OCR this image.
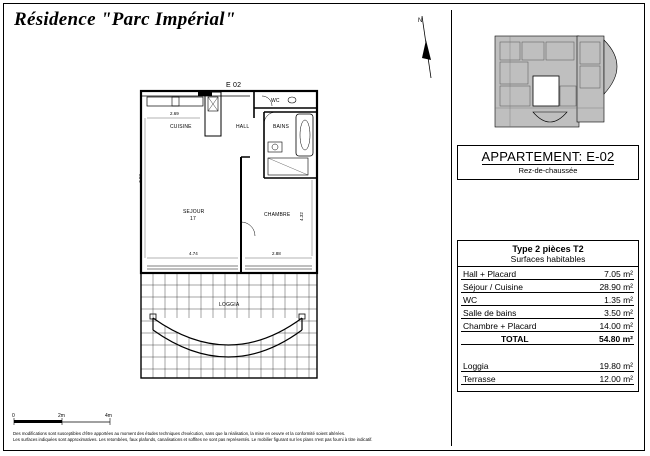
Résidence "Parc Impérial"	N
E 02
WC
CUISINE	HALL	BAINS
SEJOUR
17
CHAMBRE
LOGGIA
2.69
7.03
4.32
4.74	2.88
APPARTEMENT: E-02
Rez-de-chaussée
Type 2 pièces T2
Surfaces habitables
Hall + Placard	7.05 m²
Séjour / Cuisine	28.90 m²
WC	1.35 m²
Salle de bains	3.50 m²
Chambre + Placard	14.00 m²
TOTAL	54.80 m²
Loggia	19.80 m²
Terrasse	12.00 m²
0	2m	4m
Des modifications sont susceptibles d'être apportées au moment des études techniques d'exécution, sans que la réalisation, la mise en oeuvre et la conformité soient altérées.
Les surfaces indiquées sont approximatives. Les retombées, faux plafonds, canalisations et soffites ne sont pas représentés. Le mobilier figurant sur les plans n'est pas fourni à titre indicatif.
